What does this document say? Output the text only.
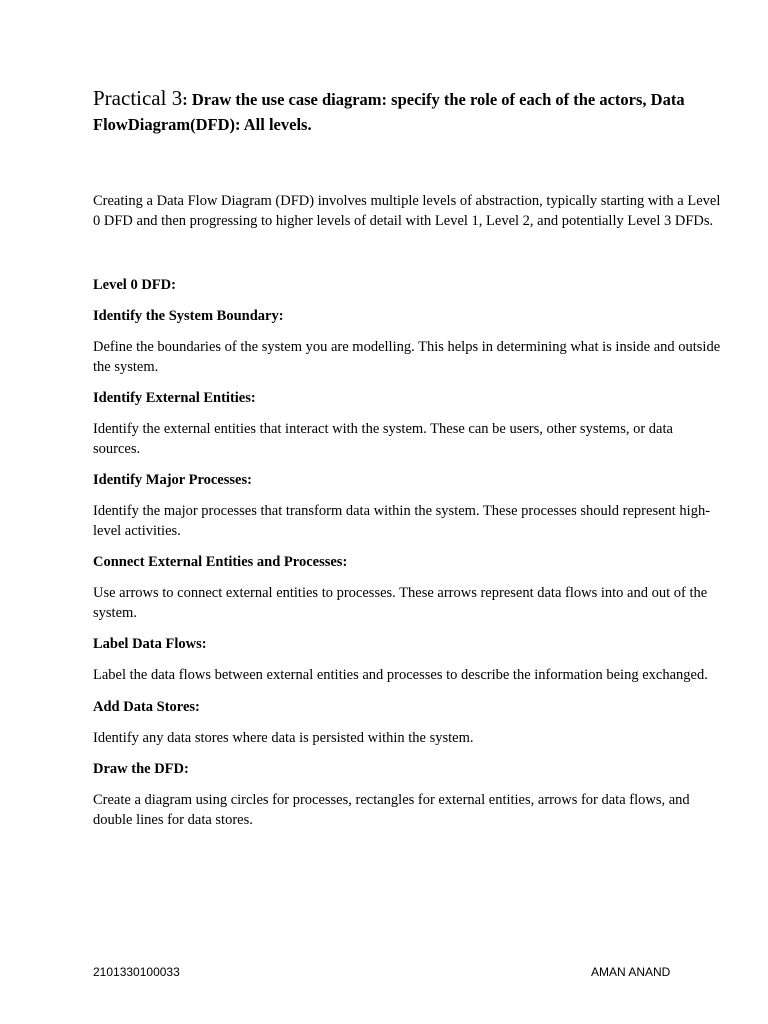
Practical 3: Draw the use case diagram: specify the role of each of the actors, Data FlowDiagram(DFD): All levels.

Creating a Data Flow Diagram (DFD) involves multiple levels of abstraction, typically starting with a Level 0 DFD and then progressing to higher levels of detail with Level 1, Level 2, and potentially Level 3 DFDs.

Level 0 DFD:
Identify the System Boundary:

Define the boundaries of the system you are modelling. This helps in determining what is inside and outside the system.

Identify External Entities:

Identify the external entities that interact with the system. These can be users, other systems, or data sources.

Identify Major Processes:

Identify the major processes that transform data within the system. These processes should represent high-level activities.

Connect External Entities and Processes:

Use arrows to connect external entities to processes. These arrows represent data flows into and out of the system.

Label Data Flows:

Label the data flows between external entities and processes to describe the information being exchanged.

Add Data Stores:

Identify any data stores where data is persisted within the system.

Draw the DFD:

Create a diagram using circles for processes, rectangles for external entities, arrows for data flows, and double lines for data stores.

2101330100033	AMAN ANAND
